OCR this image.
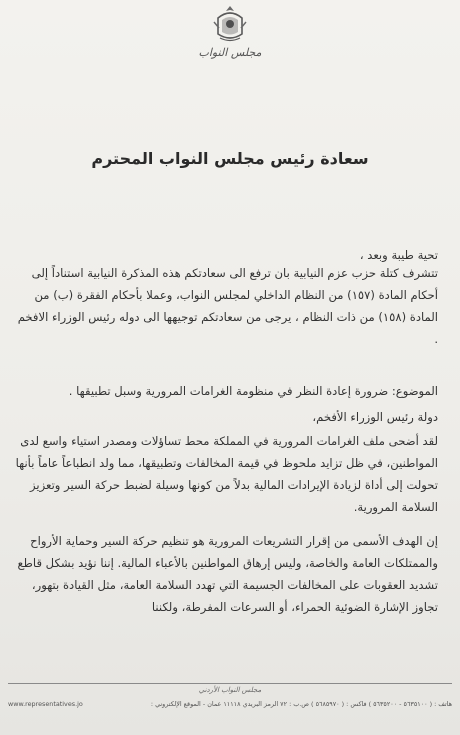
مجلس النواب
سعادة رئيس مجلس النواب المحترم
تحية طيبة وبعد ،
تتشرف كتلة حزب عزم النيابية بان ترفع الى سعادتكم هذه المذكرة النيابية استناداً إلى أحكام المادة (١٥٧) من النظام الداخلي لمجلس النواب، وعملا بأحكام الفقرة (ب) من المادة (١٥٨) من ذات النظام ، يرجى من سعادتكم توجيهها الى دوله رئيس الوزراء الافخم .
الموضوع: ضرورة إعادة النظر في منظومة الغرامات المرورية وسبل تطبيقها .
دولة رئيس الوزراء الأفخم،
لقد أضحى ملف الغرامات المرورية في المملكة محط تساؤلات ومصدر استياء واسع لدى المواطنين، في ظل تزايد ملحوظ في قيمة المخالفات وتطبيقها، مما ولد انطباعاً عاماً بأنها تحولت إلى أداة لزيادة الإيرادات المالية بدلاً من كونها وسيلة لضبط حركة السير وتعزيز السلامة المرورية.
إن الهدف الأسمى من إقرار التشريعات المرورية هو تنظيم حركة السير وحماية الأرواح والممتلكات العامة والخاصة، وليس إرهاق المواطنين بالأعباء المالية. إننا نؤيد بشكل قاطع تشديد العقوبات على المخالفات الجسيمة التي تهدد السلامة العامة، مثل القيادة بتهور، تجاوز الإشارة الضوئية الحمراء، أو السرعات المفرطة، ولكننا
مجلس النواب الأردني
www.representatives.jo	هاتف : ( ٥٦٣٥١٠٠ - ٥٦٣٥٢٠٠ ) فاكس : ( ٥٦٨٥٩٧٠ ) ص.ب : ٧٢ الرمز البريدي ١١١١٨ عمان - الموقع الإلكتروني :
